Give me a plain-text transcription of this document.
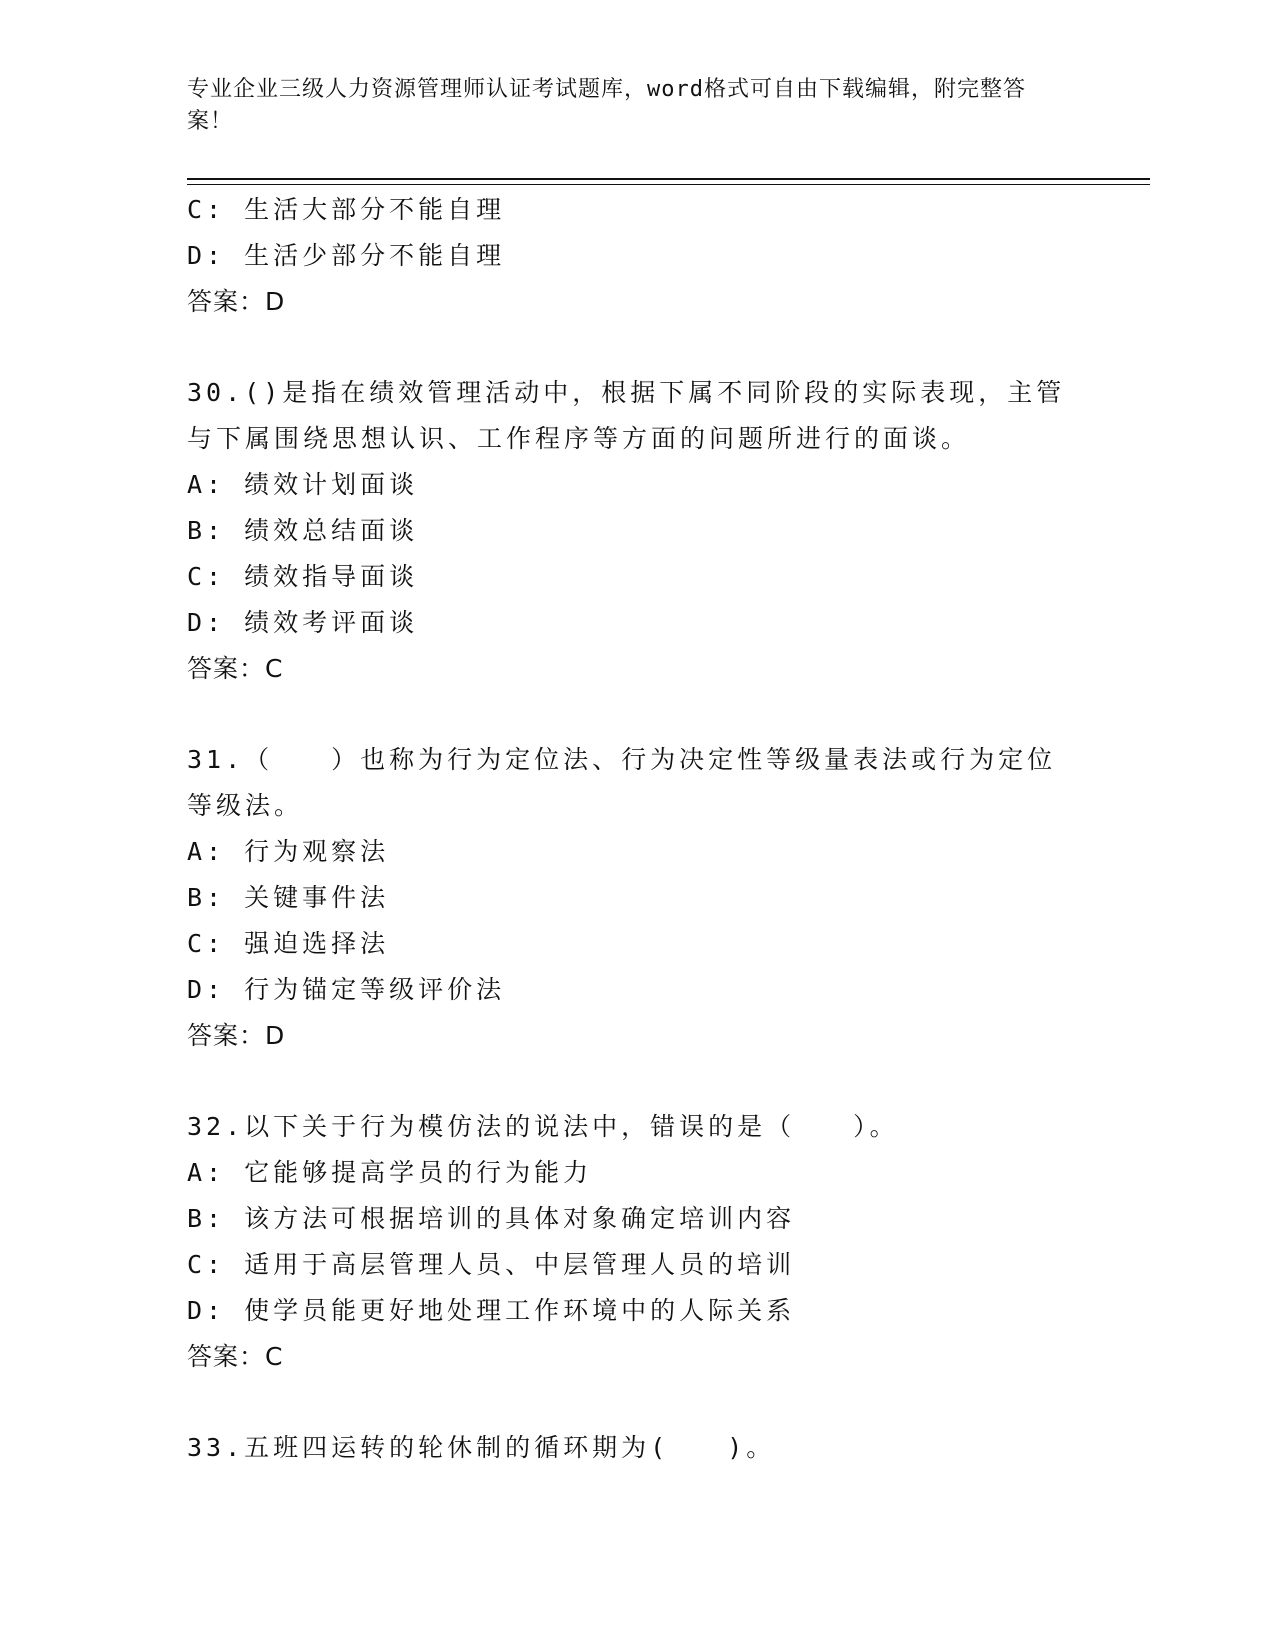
专业企业三级人力资源管理师认证考试题库，word格式可自由下载编辑，附完整答案！
C: 生活大部分不能自理
D: 生活少部分不能自理
答案：D
30.()是指在绩效管理活动中，根据下属不同阶段的实际表现，主管与下属围绕思想认识、工作程序等方面的问题所进行的面谈。
A: 绩效计划面谈
B: 绩效总结面谈
C: 绩效指导面谈
D: 绩效考评面谈
答案：C
31.（　　）也称为行为定位法、行为决定性等级量表法或行为定位等级法。
A: 行为观察法
B: 关键事件法
C: 强迫选择法
D: 行为锚定等级评价法
答案：D
32.以下关于行为模仿法的说法中，错误的是（　　）。
A: 它能够提高学员的行为能力
B: 该方法可根据培训的具体对象确定培训内容
C: 适用于高层管理人员、中层管理人员的培训
D: 使学员能更好地处理工作环境中的人际关系
答案：C
33.五班四运转的轮休制的循环期为(　　)。
